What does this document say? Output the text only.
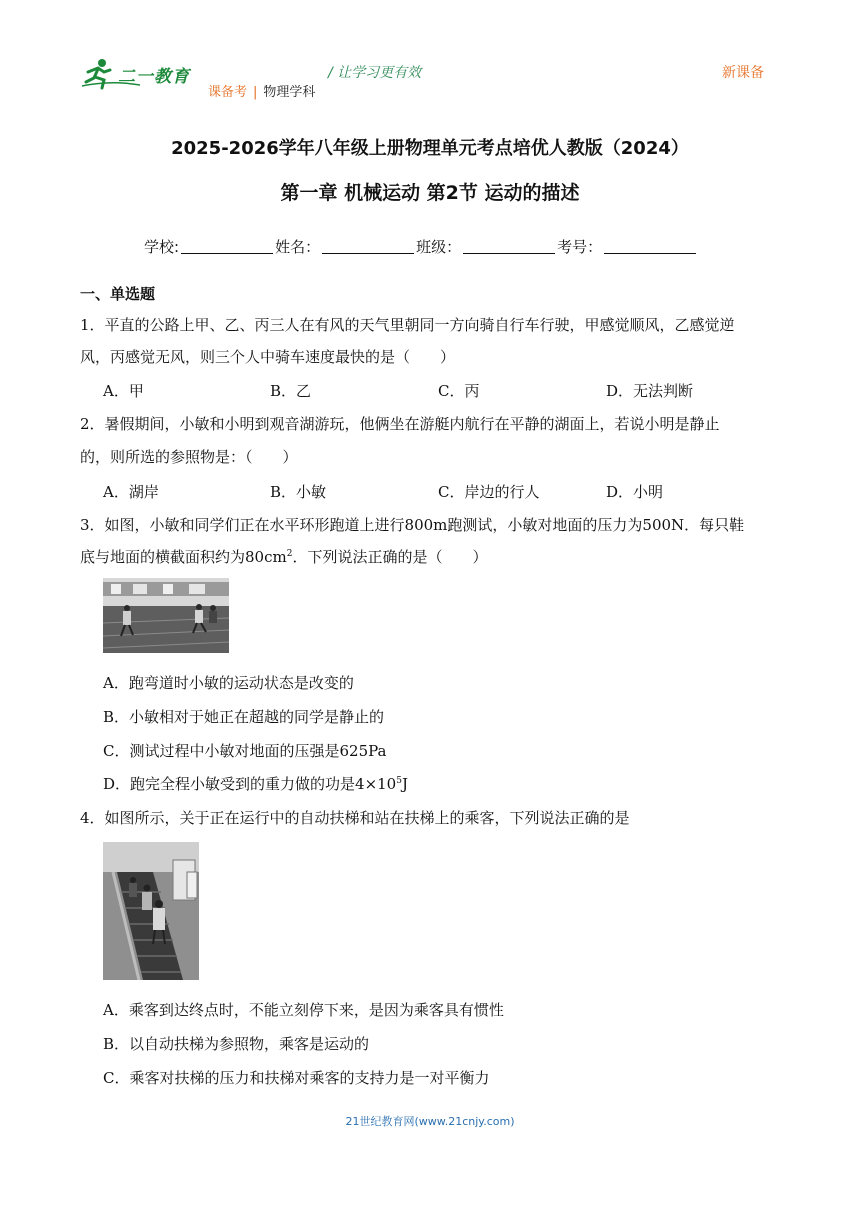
二一教育	/ 让学习更有效
课备考 | 物理学科
新课备
2025-2026学年八年级上册物理单元考点培优人教版（2024）
第一章 机械运动 第2节 运动的描述
学校:	姓名：	班级：	考号：
一、单选题
1．平直的公路上甲、乙、丙三人在有风的天气里朝同一方向骑自行车行驶，甲感觉顺风，乙感觉逆
风，丙感觉无风，则三个人中骑车速度最快的是（　　）
A．甲	B．乙	C．丙	D．无法判断
2．暑假期间，小敏和小明到观音湖游玩，他俩坐在游艇内航行在平静的湖面上，若说小明是静止
的，则所选的参照物是：（　　）
A．湖岸	B．小敏	C．岸边的行人	D．小明
3．如图，小敏和同学们正在水平环形跑道上进行800m跑测试，小敏对地面的压力为500N．每只鞋
底与地面的横截面积约为$80cm^2$．下列说法正确的是（　　）
A．跑弯道时小敏的运动状态是改变的
B．小敏相对于她正在超越的同学是静止的
C．测试过程中小敏对地面的压强是625Pa
D．跑完全程小敏受到的重力做的功是$4\times 10^5J$
4．如图所示，关于正在运行中的自动扶梯和站在扶梯上的乘客，下列说法正确的是
A．乘客到达终点时，不能立刻停下来，是因为乘客具有惯性
B．以自动扶梯为参照物，乘客是运动的
C．乘客对扶梯的压力和扶梯对乘客的支持力是一对平衡力
21世纪教育网(www.21cnjy.com)
